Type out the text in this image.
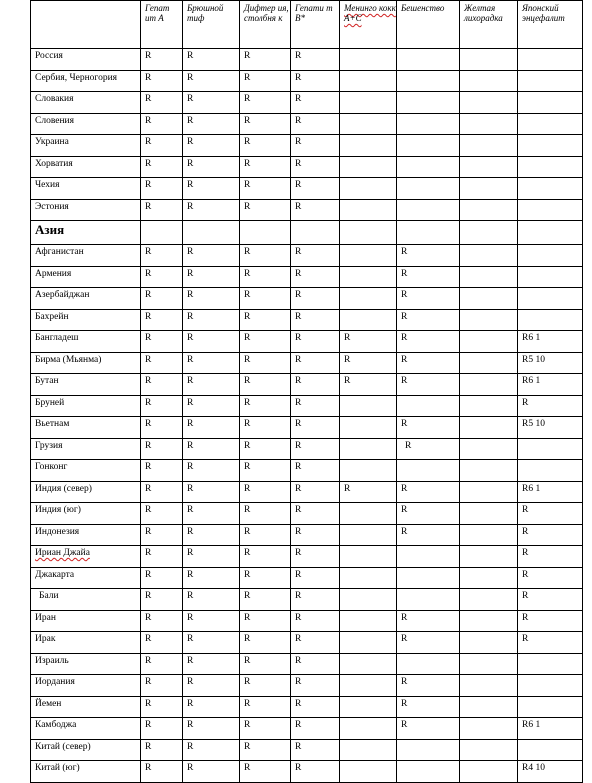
	Гепат ит А	Брюшной тиф	Дифтер ия, столбня к	Гепати т В*	Менинго кокк А+С	Бешенство	Желтая лихорадка	Японский энцефалит
Россия	R	R	R	R				
Сербия, Черногория	R	R	R	R				
Словакия	R	R	R	R				
Словения	R	R	R	R				
Украина	R	R	R	R				
Хорватия	R	R	R	R				
Чехия	R	R	R	R				
Эстония	R	R	R	R				
Азия								
Афганистан	R	R	R	R		R		
Армения	R	R	R	R		R		
Азербайджан	R	R	R	R		R		
Бахрейн	R	R	R	R		R		
Бангладеш	R	R	R	R	R	R		R6 1
Бирма (Мьянма)	R	R	R	R	R	R		R5 10
Бутан	R	R	R	R	R	R		R6 1
Бруней	R	R	R	R				R
Вьетнам	R	R	R	R		R		R5 10
Грузия	R	R	R	R		R		
Гонконг	R	R	R	R				
Индия (север)	R	R	R	R	R	R		R6 1
Индия (юг)	R	R	R	R		R		R
Индонезия	R	R	R	R		R		R
Ириан Джайа	R	R	R	R				R
Джакарта	R	R	R	R				R
Бали	R	R	R	R				R
Иран	R	R	R	R		R		R
Ирак	R	R	R	R		R		R
Израиль	R	R	R	R				
Иордания	R	R	R	R		R		
Йемен	R	R	R	R		R		
Камбоджа	R	R	R	R		R		R6 1
Китай (север)	R	R	R	R				
Китай (юг)	R	R	R	R				R4 10
